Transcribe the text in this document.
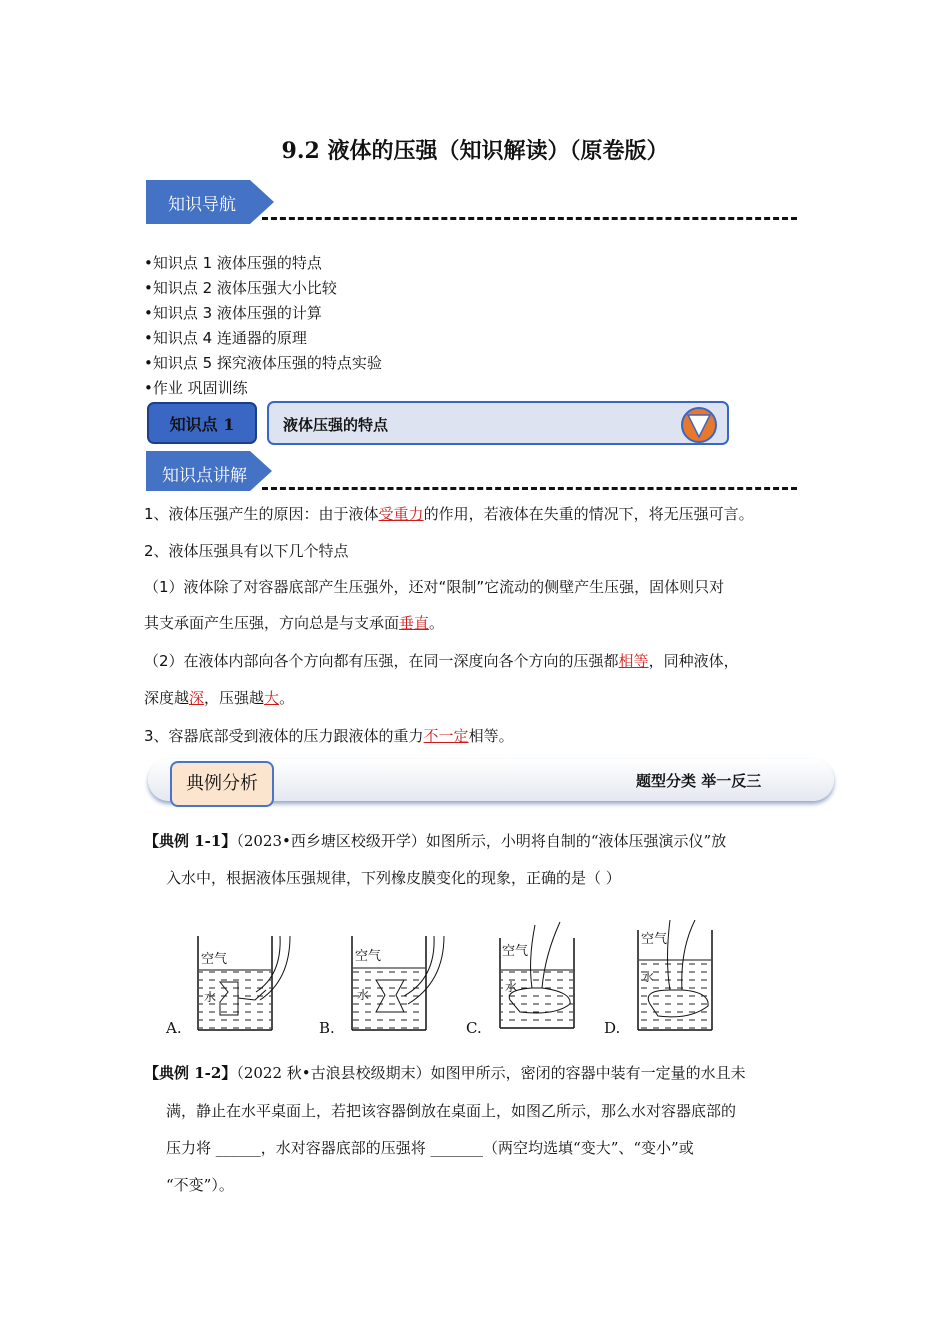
9.2 液体的压强（知识解读）（原卷版）
知识导航
•知识点 1 液体压强的特点
•知识点 2 液体压强大小比较
•知识点 3 液体压强的计算
•知识点 4 连通器的原理
•知识点 5 探究液体压强的特点实验
•作业 巩固训练
知识点 1	液体压强的特点
知识点讲解
1、液体压强产生的原因：由于液体受重力的作用，若液体在失重的情况下，将无压强可言。
2、液体压强具有以下几个特点
（1）液体除了对容器底部产生压强外，还对“限制”它流动的侧壁产生压强，固体则只对
其支承面产生压强，方向总是与支承面垂直。
（2）在液体内部向各个方向都有压强，在同一深度向各个方向的压强都相等，同种液体，
深度越深，压强越大。
3、容器底部受到液体的压力跟液体的重力不一定相等。
典例分析	题型分类 举一反三
【典例 1-1】（2023•西乡塘区校级开学）如图所示，小明将自制的“液体压强演示仪”放
入水中，根据液体压强规律，下列橡皮膜变化的现象，正确的是（ ）
空气
水
空气
水
空气
水
空气
水
A.	B.	C.	D.
【典例 1-2】（2022 秋•古浪县校级期末）如图甲所示，密闭的容器中装有一定量的水且未
满，静止在水平桌面上，若把该容器倒放在桌面上，如图乙所示，那么水对容器底部的
压力将 ______，水对容器底部的压强将 _______（两空均选填“变大”、“变小”或
“不变”）。
